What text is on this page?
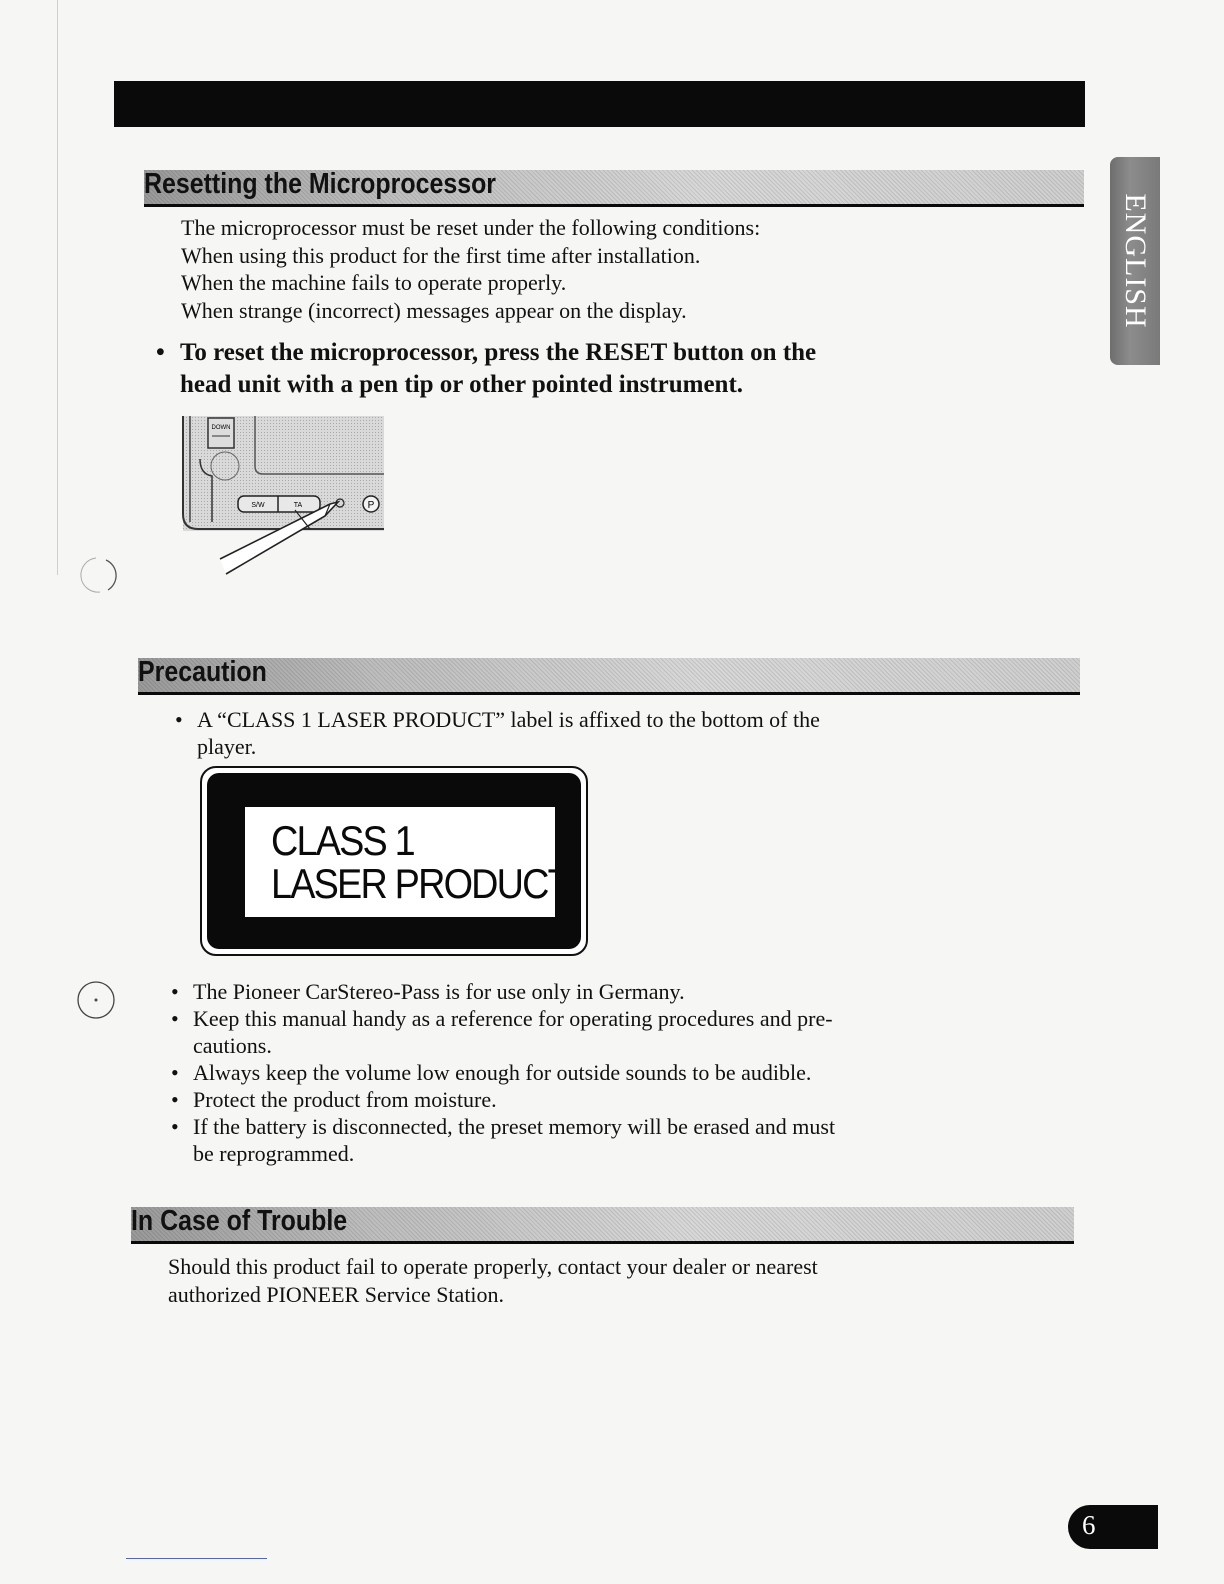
ENGLISH
Resetting the Microprocessor
The microprocessor must be reset under the following conditions:
When using this product for the first time after installation.
When the machine fails to operate properly.
When strange (incorrect) messages appear on the display.
• To reset the microprocessor, press the RESET button on the
head unit with a pen tip or other pointed instrument.
DOWN
S/W	TA	P
Precaution
• A “CLASS 1 LASER PRODUCT” label is affixed to the bottom of the
player.
CLASS 1
LASER PRODUCT
• The Pioneer CarStereo-Pass is for use only in Germany.
• Keep this manual handy as a reference for operating procedures and pre-
cautions.
• Always keep the volume low enough for outside sounds to be audible.
• Protect the product from moisture.
• If the battery is disconnected, the preset memory will be erased and must
be reprogrammed.
In Case of Trouble
Should this product fail to operate properly, contact your dealer or nearest
authorized PIONEER Service Station.
6
